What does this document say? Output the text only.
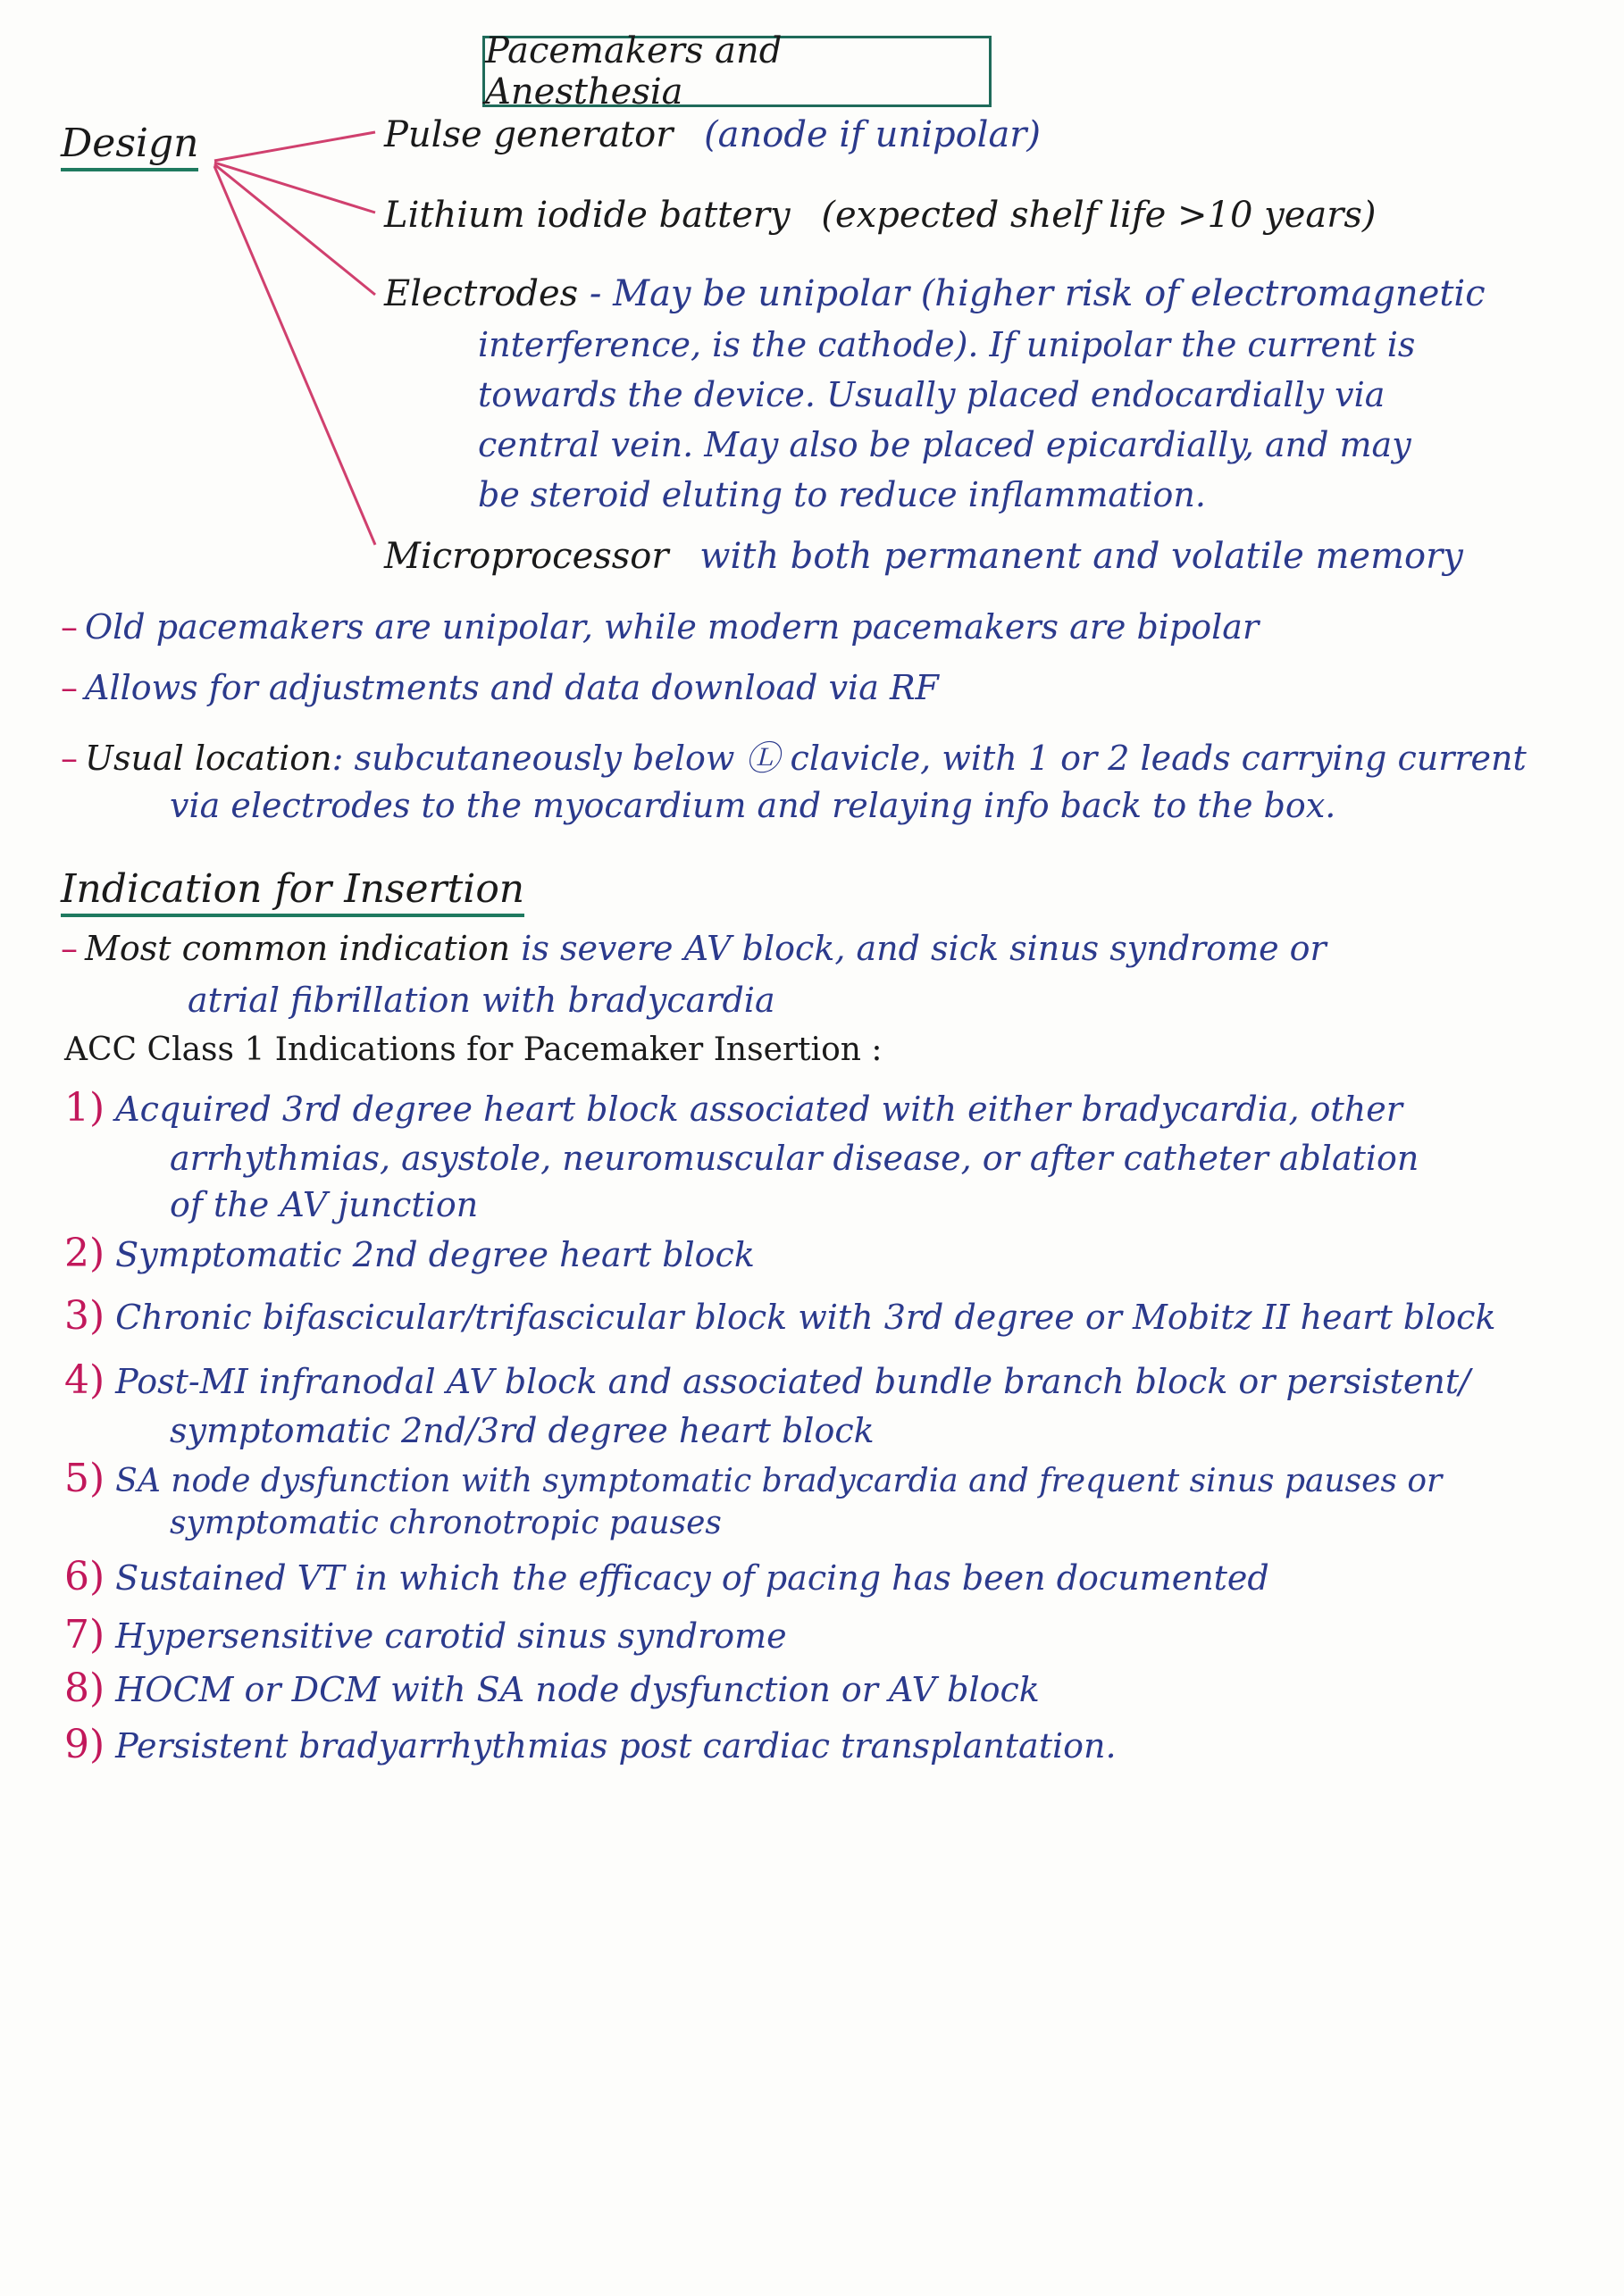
Pacemakers and Anesthesia
Design	Pulse generator (anode if unipolar)
Lithium iodide battery (expected shelf life >10 years)
Electrodes - May be unipolar (higher risk of electromagnetic
interference, is the cathode). If unipolar the current is
towards the device. Usually placed endocardially via
central vein. May also be placed epicardially, and may
be steroid eluting to reduce inflammation.
Microprocessor with both permanent and volatile memory
– Old pacemakers are unipolar, while modern pacemakers are bipolar
– Allows for adjustments and data download via RF
– Usual location: subcutaneously below Ⓛ clavicle, with 1 or 2 leads carrying current
via electrodes to the myocardium and relaying info back to the box.
Indication for Insertion
– Most common indication is severe AV block, and sick sinus syndrome or
atrial fibrillation with bradycardia
ACC Class 1 Indications for Pacemaker Insertion :
1) Acquired 3rd degree heart block associated with either bradycardia, other
arrhythmias, asystole, neuromuscular disease, or after catheter ablation
of the AV junction
2) Symptomatic 2nd degree heart block
3) Chronic bifascicular/trifascicular block with 3rd degree or Mobitz II heart block
4) Post-MI infranodal AV block and associated bundle branch block or persistent/
symptomatic 2nd/3rd degree heart block
5) SA node dysfunction with symptomatic bradycardia and frequent sinus pauses or
symptomatic chronotropic pauses
6) Sustained VT in which the efficacy of pacing has been documented
7) Hypersensitive carotid sinus syndrome
8) HOCM or DCM with SA node dysfunction or AV block
9) Persistent bradyarrhythmias post cardiac transplantation.
